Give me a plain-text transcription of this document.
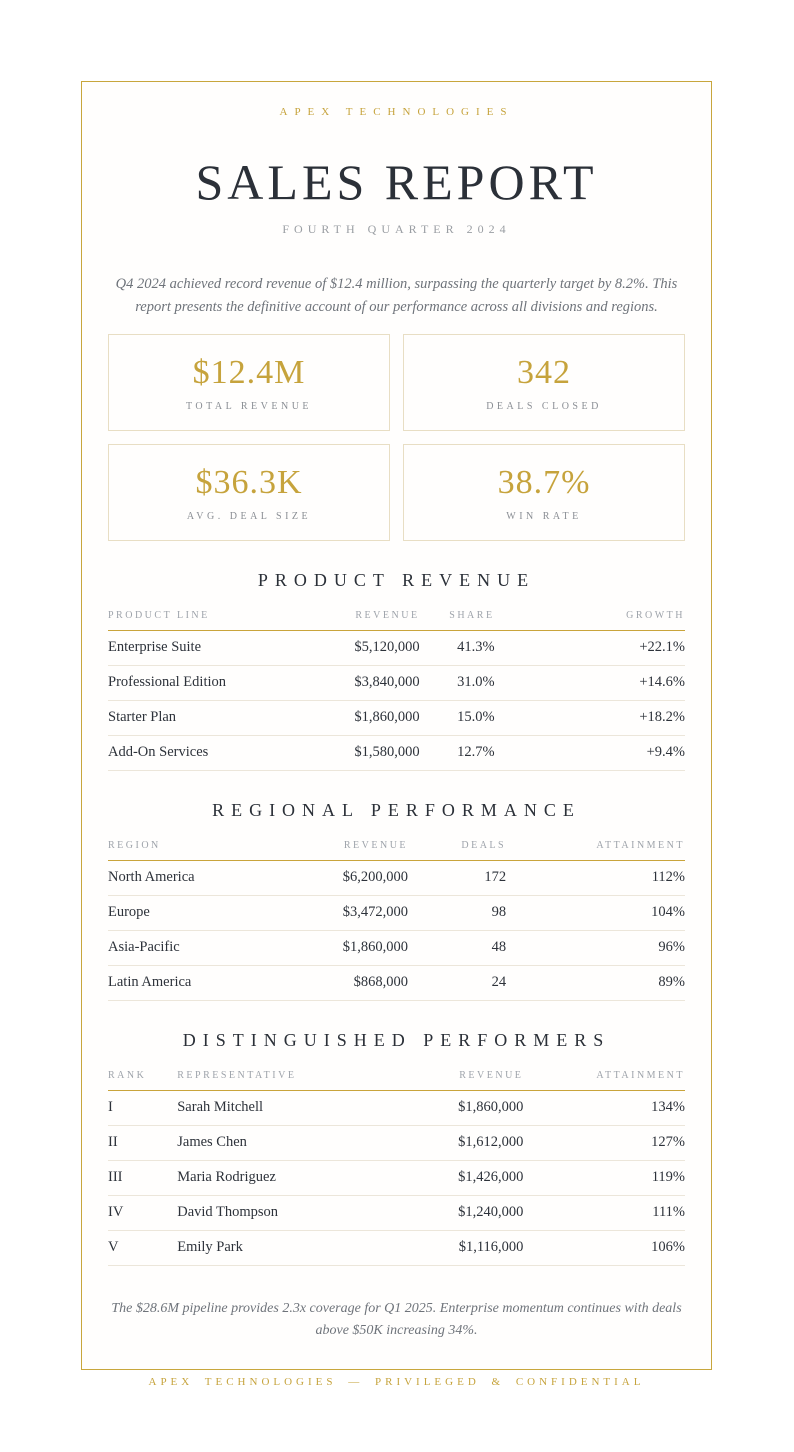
APEX TECHNOLOGIES
SALES REPORT
FOURTH QUARTER 2024

Q4 2024 achieved record revenue of $12.4 million, surpassing the quarterly target by 8.2%. This report presents the definitive account of our performance across all divisions and regions.

$12.4M
TOTAL REVENUE
342
DEALS CLOSED
$36.3K
AVG. DEAL SIZE
38.7%
WIN RATE
PRODUCT REVENUE
PRODUCT LINE	REVENUE	SHARE	GROWTH
Enterprise Suite	$5,120,000	41.3%	+22.1%
Professional Edition	$3,840,000	31.0%	+14.6%
Starter Plan	$1,860,000	15.0%	+18.2%
Add-On Services	$1,580,000	12.7%	+9.4%
REGIONAL PERFORMANCE
REGION	REVENUE	DEALS	ATTAINMENT
North America	$6,200,000	172	112%
Europe	$3,472,000	98	104%
Asia-Pacific	$1,860,000	48	96%
Latin America	$868,000	24	89%
DISTINGUISHED PERFORMERS
RANK	REPRESENTATIVE	REVENUE	ATTAINMENT
I	Sarah Mitchell	$1,860,000	134%
II	James Chen	$1,612,000	127%
III	Maria Rodriguez	$1,426,000	119%
IV	David Thompson	$1,240,000	111%
V	Emily Park	$1,116,000	106%

The $28.6M pipeline provides 2.3x coverage for Q1 2025. Enterprise momentum continues with deals above $50K increasing 34%.

APEX TECHNOLOGIES — PRIVILEGED & CONFIDENTIAL
